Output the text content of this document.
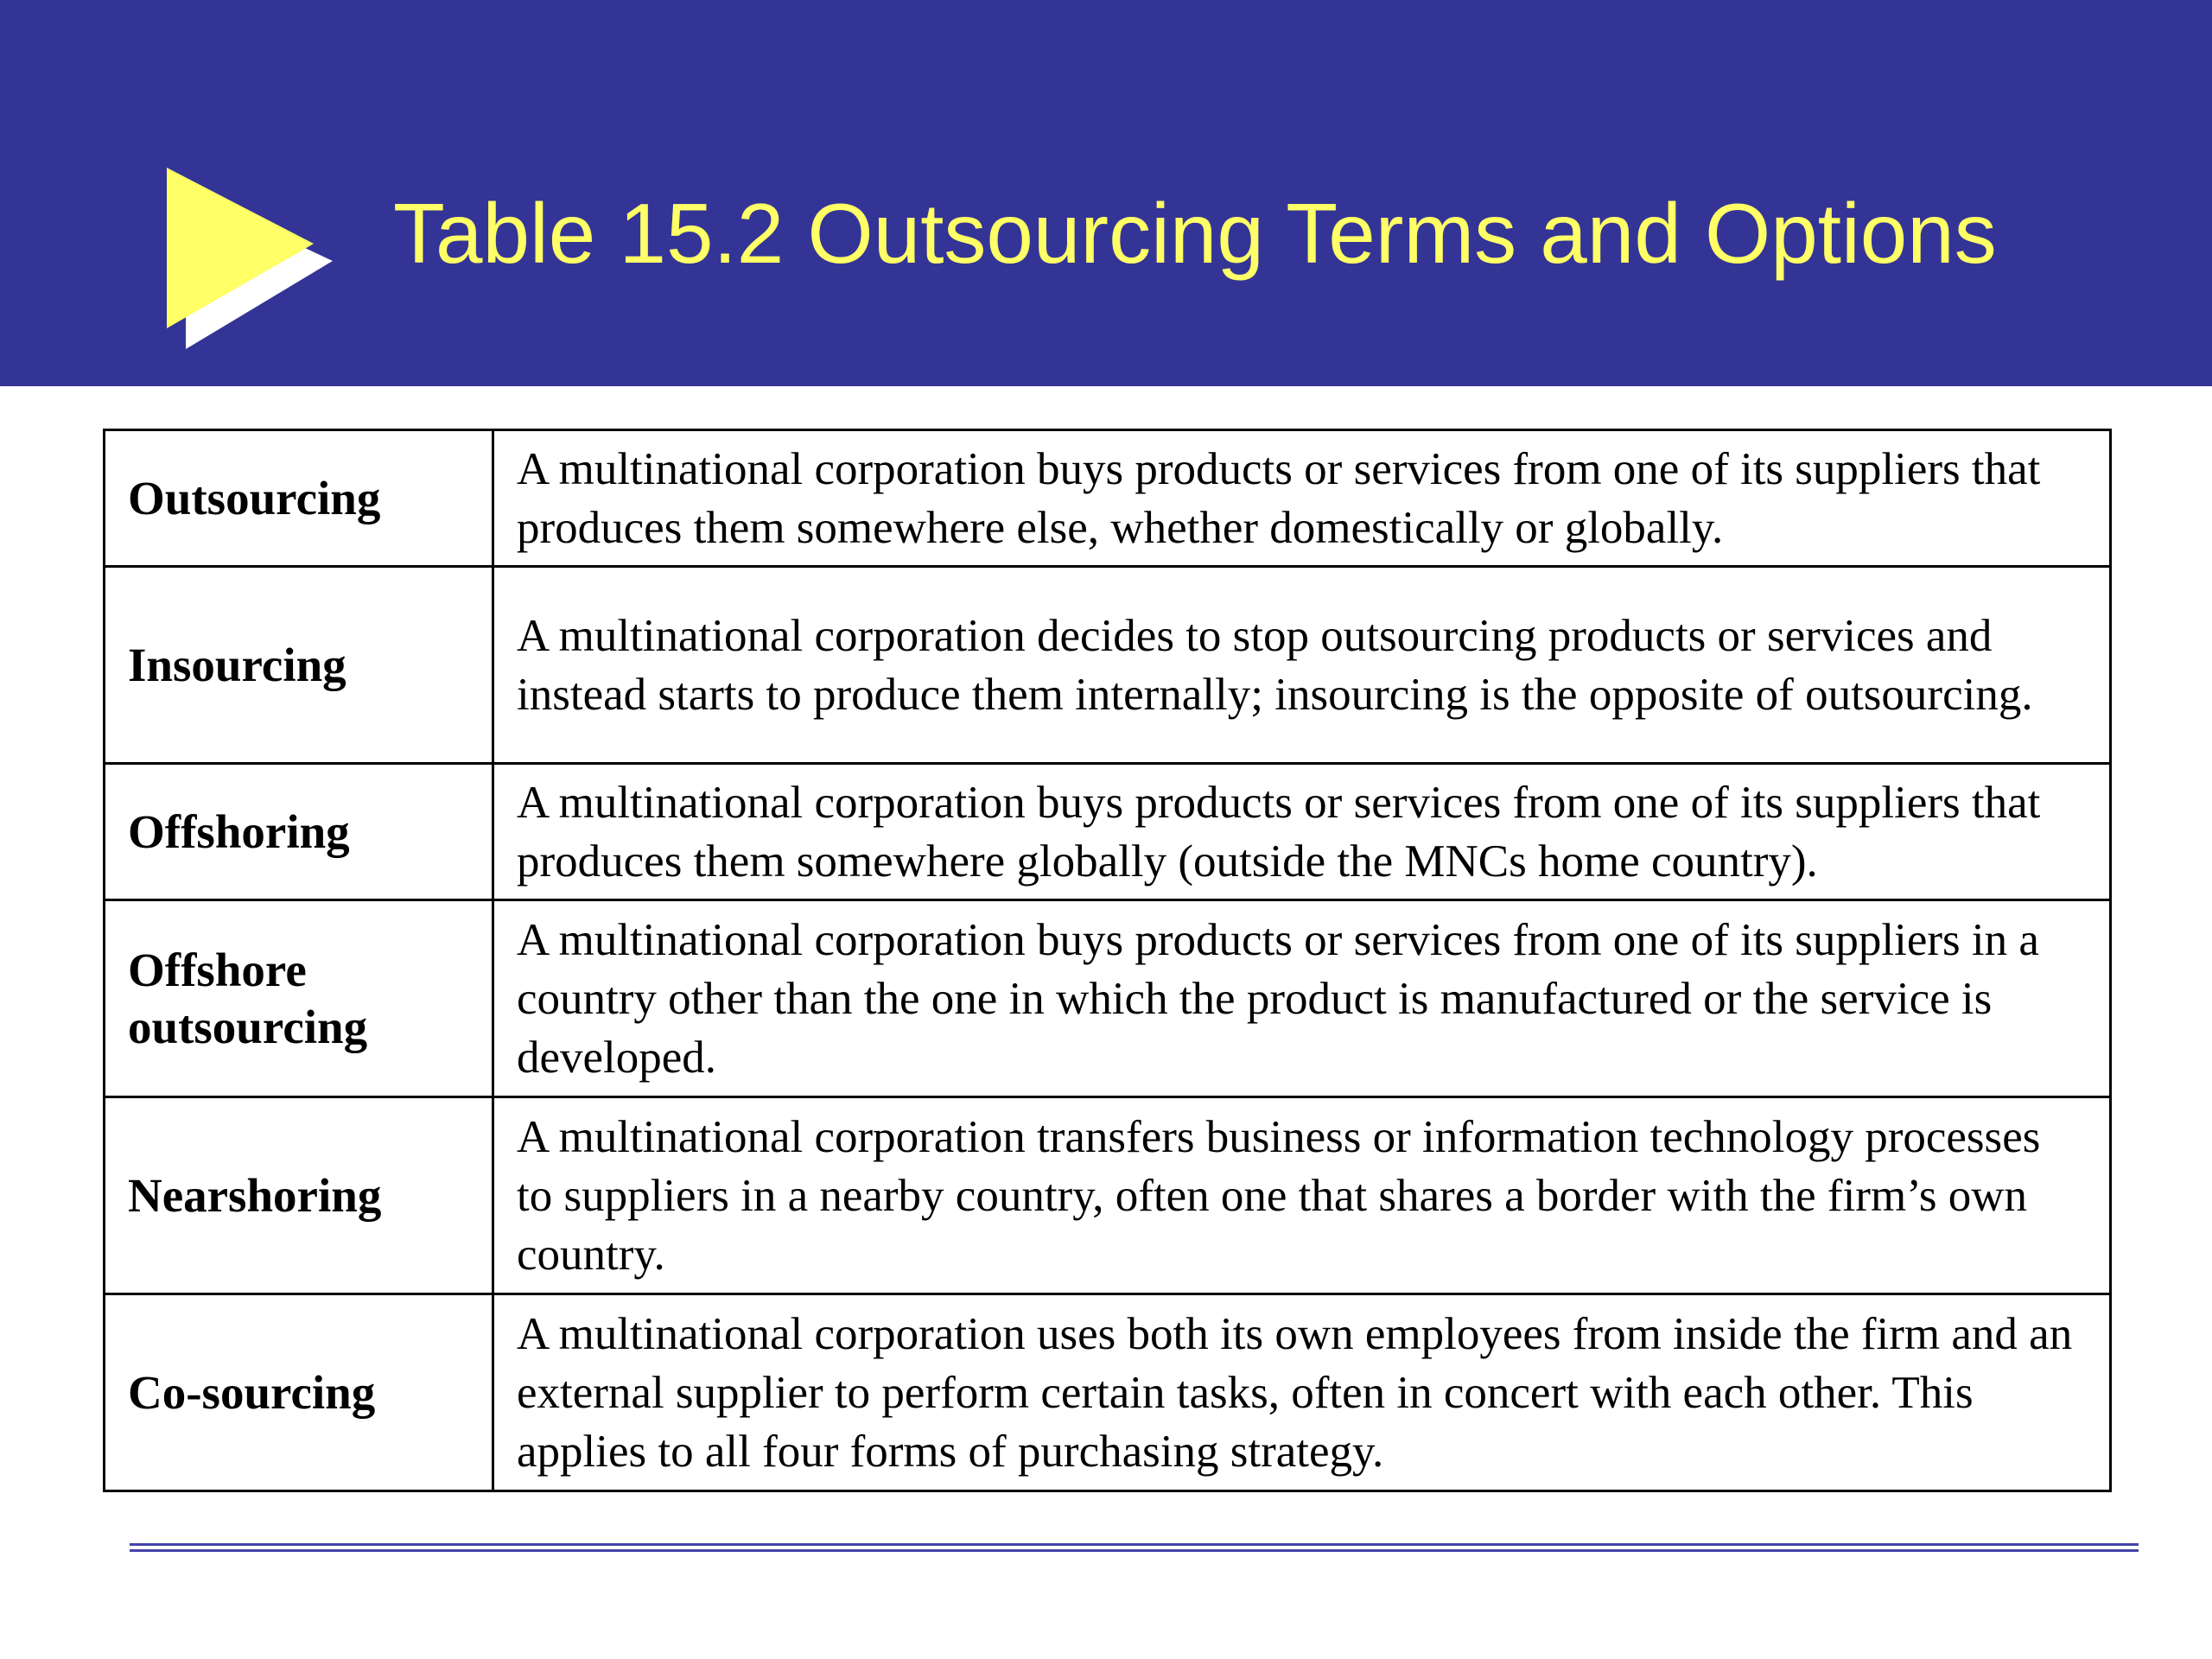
Table 15.2 Outsourcing Terms and Options
Outsourcing	A multinational corporation buys products or services from one of its suppliers that produces them somewhere else, whether domestically or globally.
Insourcing	A multinational corporation decides to stop outsourcing products or services and instead starts to produce them internally; insourcing is the opposite of outsourcing.
Offshoring	A multinational corporation buys products or services from one of its suppliers that produces them somewhere globally (outside the MNCs home country).
Offshore outsourcing	A multinational corporation buys products or services from one of its suppliers in a country other than the one in which the product is manufactured or the service is developed.
Nearshoring	A multinational corporation transfers business or information technology processes to suppliers in a nearby country, often one that shares a border with the firm’s own country.
Co-sourcing	A multinational corporation uses both its own employees from inside the firm and an external supplier to perform certain tasks, often in concert with each other. This applies to all four forms of purchasing strategy.
